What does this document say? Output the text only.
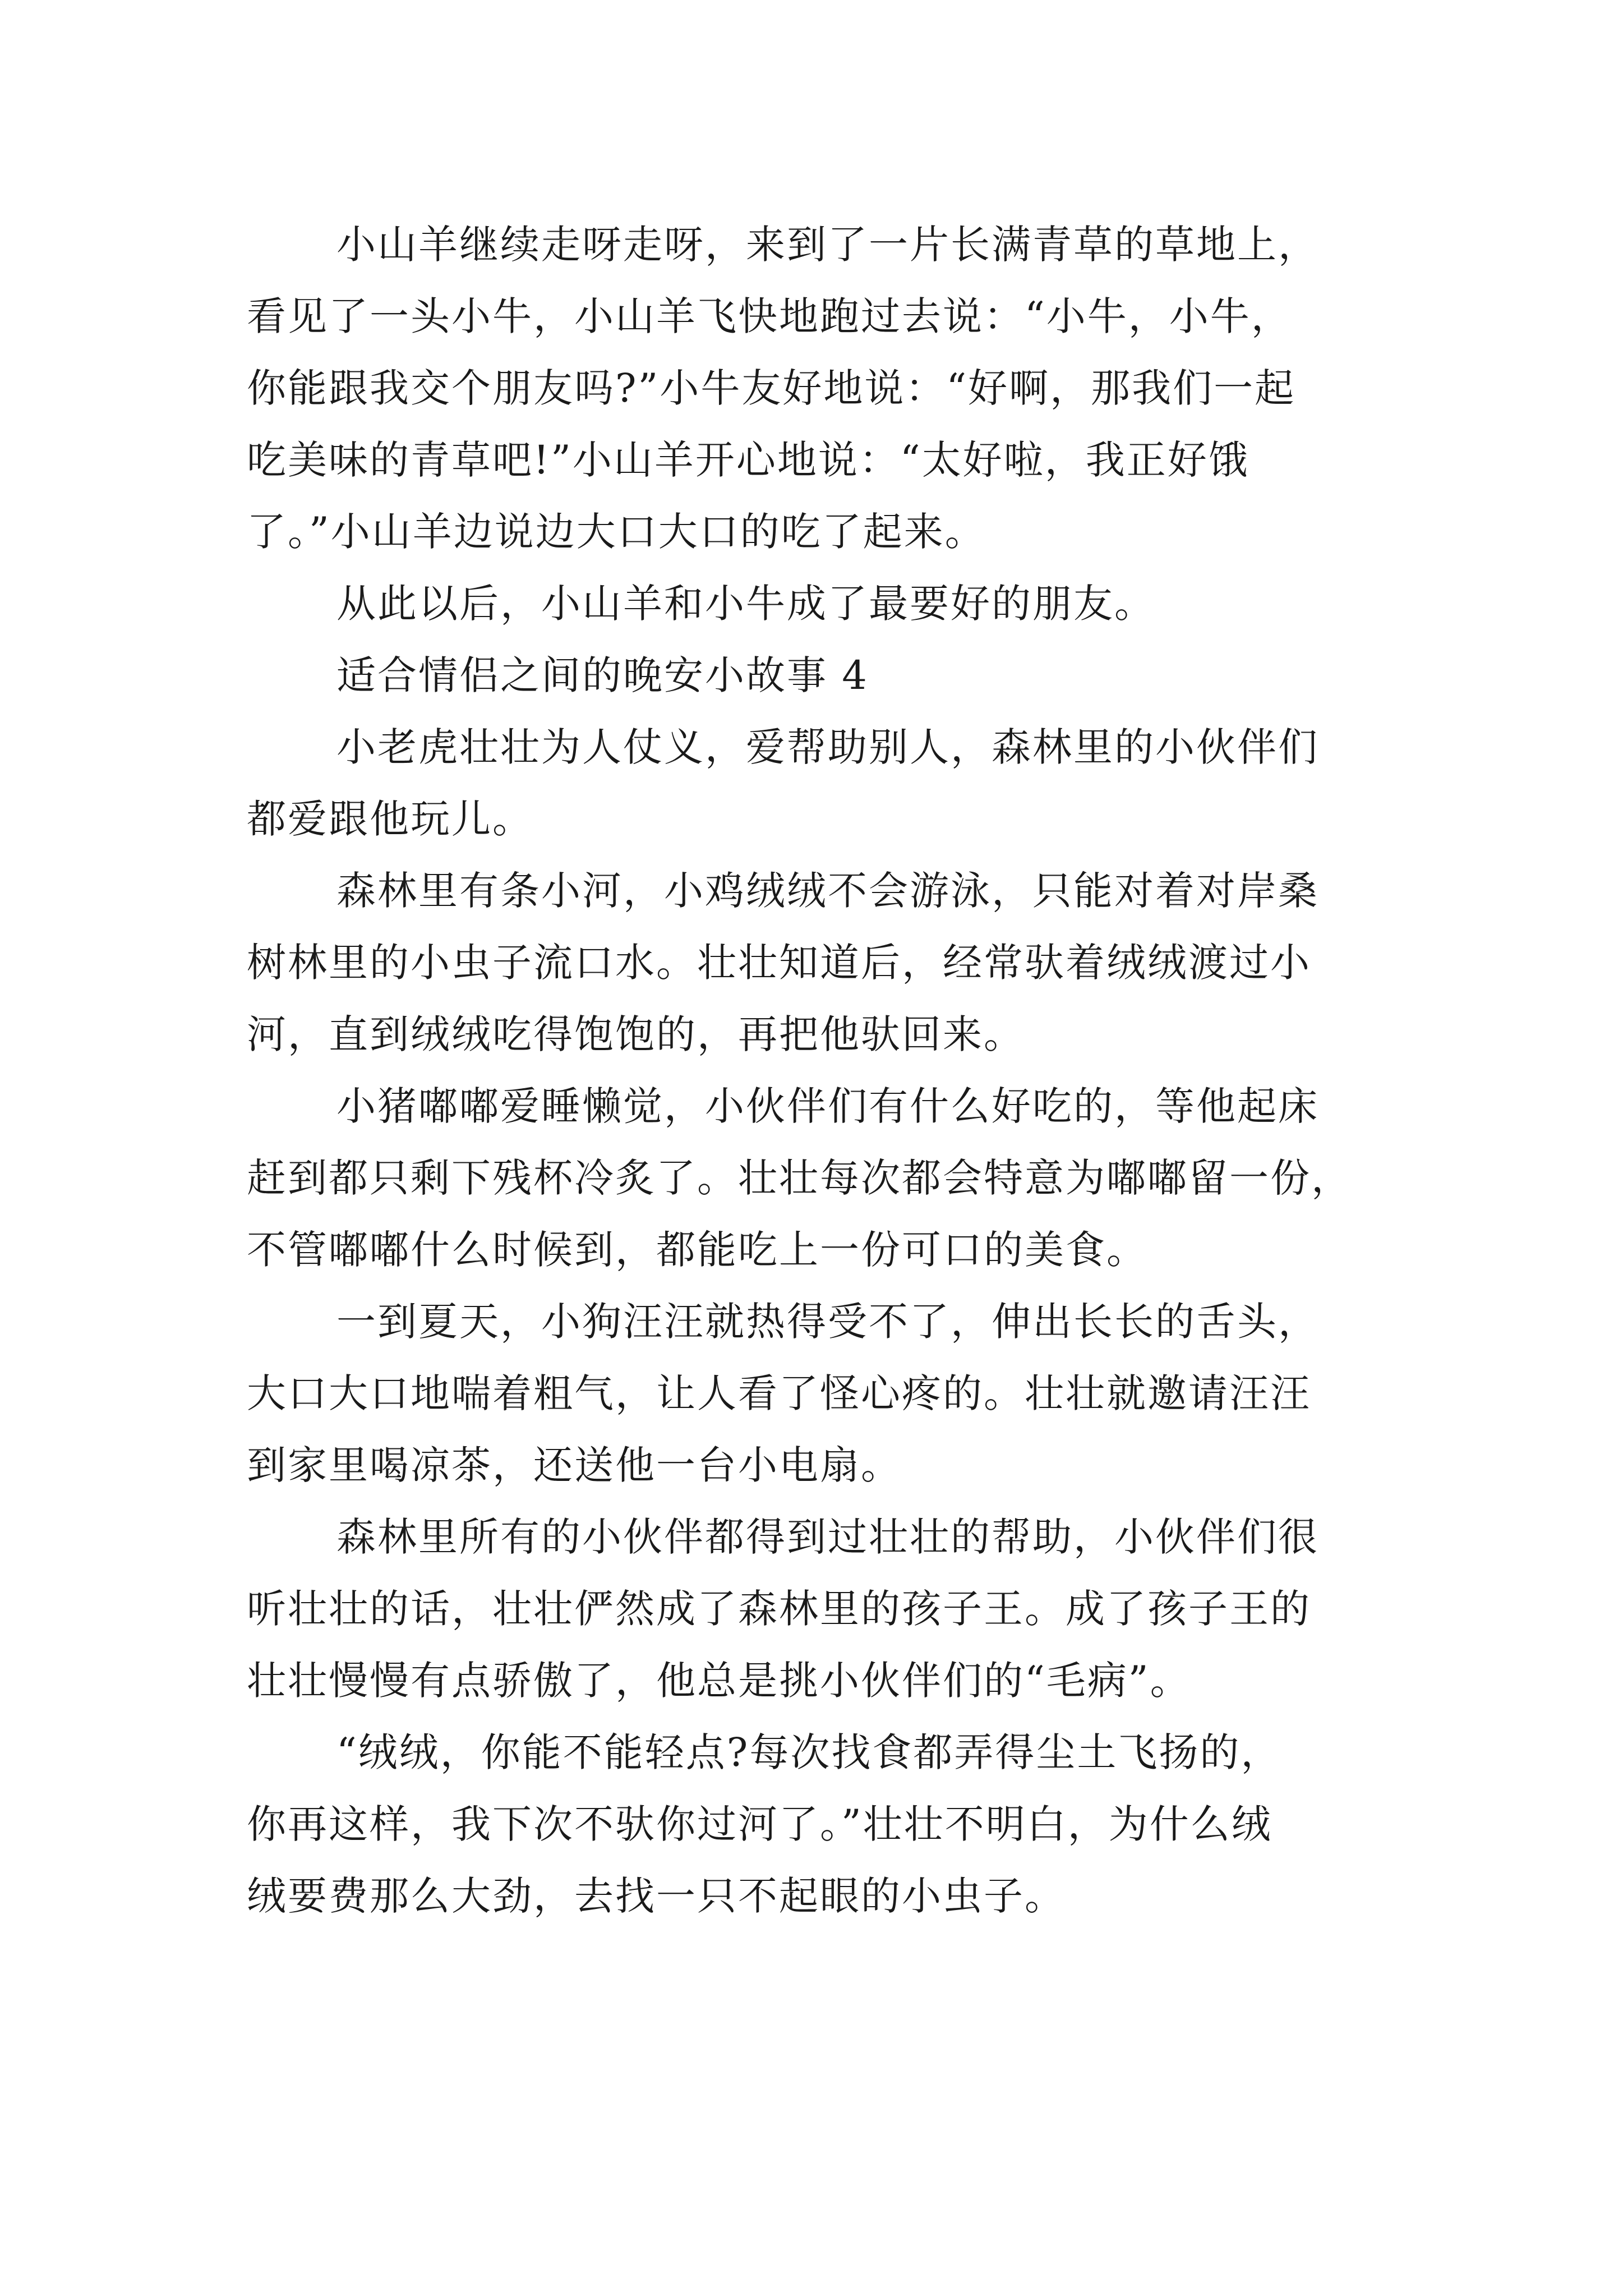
小山羊继续走呀走呀，来到了一片长满青草的草地上，
看见了一头小牛，小山羊飞快地跑过去说：“小牛，小牛，
你能跟我交个朋友吗?”小牛友好地说：“好啊，那我们一起
吃美味的青草吧!”小山羊开心地说：“太好啦，我正好饿
了。”小山羊边说边大口大口的吃了起来。

从此以后，小山羊和小牛成了最要好的朋友。

适合情侣之间的晚安小故事 4

小老虎壮壮为人仗义，爱帮助别人，森林里的小伙伴们
都爱跟他玩儿。

森林里有条小河，小鸡绒绒不会游泳，只能对着对岸桑
树林里的小虫子流口水。壮壮知道后，经常驮着绒绒渡过小
河，直到绒绒吃得饱饱的，再把他驮回来。

小猪嘟嘟爱睡懒觉，小伙伴们有什么好吃的，等他起床
赶到都只剩下残杯冷炙了。壮壮每次都会特意为嘟嘟留一份，
不管嘟嘟什么时候到，都能吃上一份可口的美食。

一到夏天，小狗汪汪就热得受不了，伸出长长的舌头，
大口大口地喘着粗气，让人看了怪心疼的。壮壮就邀请汪汪
到家里喝凉茶，还送他一台小电扇。

森林里所有的小伙伴都得到过壮壮的帮助，小伙伴们很
听壮壮的话，壮壮俨然成了森林里的孩子王。成了孩子王的
壮壮慢慢有点骄傲了，他总是挑小伙伴们的“毛病”。

“绒绒，你能不能轻点?每次找食都弄得尘土飞扬的，
你再这样，我下次不驮你过河了。”壮壮不明白，为什么绒
绒要费那么大劲，去找一只不起眼的小虫子。
